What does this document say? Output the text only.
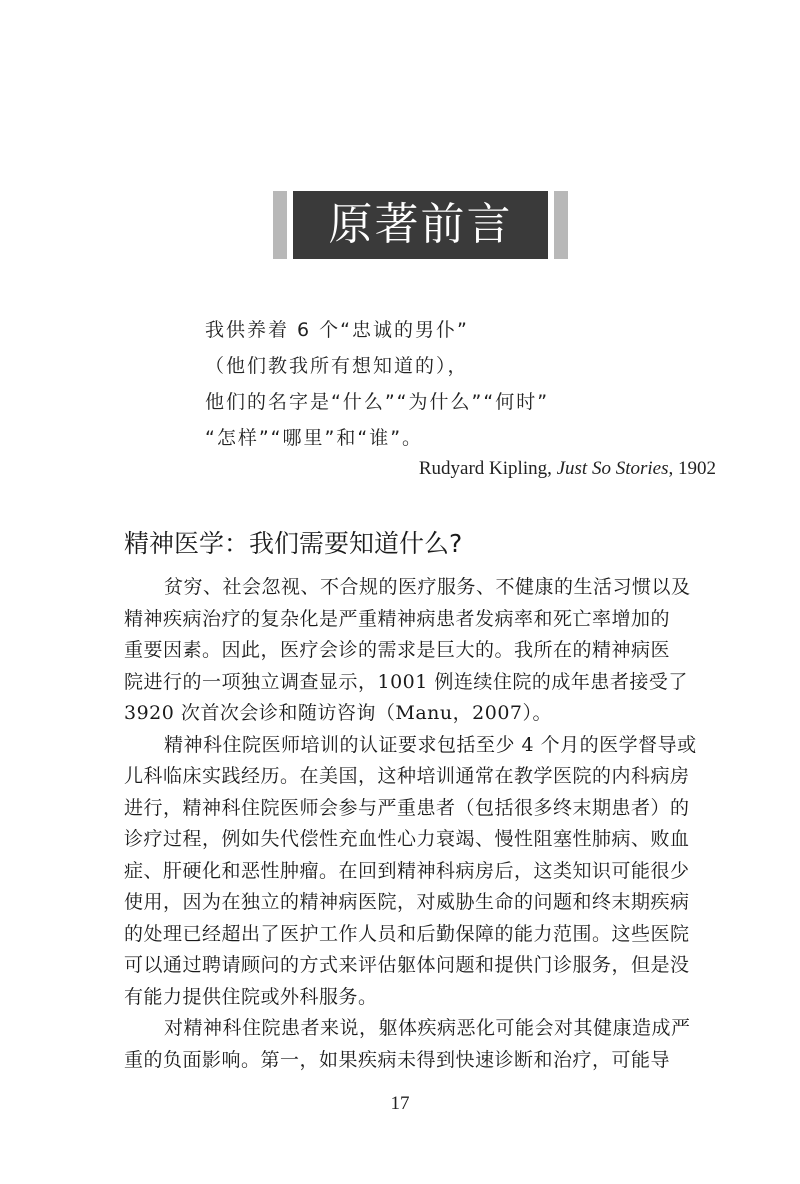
原著前言
我供养着 6 个“忠诚的男仆”
（他们教我所有想知道的），
他们的名字是“什么”“为什么”“何时”
“怎样”“哪里”和“谁”。
Rudyard Kipling, Just So Stories, 1902
精神医学：我们需要知道什么?
贫穷、社会忽视、不合规的医疗服务、不健康的生活习惯以及
精神疾病治疗的复杂化是严重精神病患者发病率和死亡率增加的
重要因素。因此，医疗会诊的需求是巨大的。我所在的精神病医
院进行的一项独立调查显示，1001 例连续住院的成年患者接受了
3920 次首次会诊和随访咨询（Manu，2007）。
精神科住院医师培训的认证要求包括至少 4 个月的医学督导或
儿科临床实践经历。在美国，这种培训通常在教学医院的内科病房
进行，精神科住院医师会参与严重患者（包括很多终末期患者）的
诊疗过程，例如失代偿性充血性心力衰竭、慢性阻塞性肺病、败血
症、肝硬化和恶性肿瘤。在回到精神科病房后，这类知识可能很少
使用，因为在独立的精神病医院，对威胁生命的问题和终末期疾病
的处理已经超出了医护工作人员和后勤保障的能力范围。这些医院
可以通过聘请顾问的方式来评估躯体问题和提供门诊服务，但是没
有能力提供住院或外科服务。
对精神科住院患者来说，躯体疾病恶化可能会对其健康造成严
重的负面影响。第一，如果疾病未得到快速诊断和治疗，可能导
17
